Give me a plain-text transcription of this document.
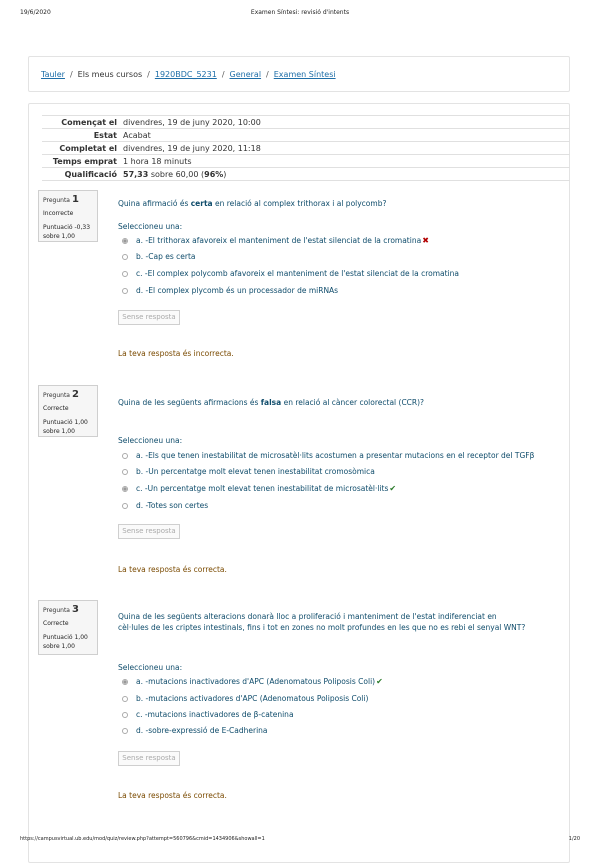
19/6/2020	Examen Síntesi: revisió d'intents
Tauler / Els meus cursos / 1920BDC_5231 / General / Examen Síntesi
Començat el	divendres, 19 de juny 2020, 10:00
Estat	Acabat
Completat el	divendres, 19 de juny 2020, 11:18
Temps emprat	1 hora 18 minuts
Qualificació	57,33 sobre 60,00 (96%)
Pregunta 1
Incorrecte
Puntuació -0,33
sobre 1,00
Quina afirmació és certa en relació al complex trithorax i al polycomb?
Seleccioneu una:
a. -El trithorax afavoreix el manteniment de l'estat silenciat de la cromatina ✖
b. -Cap es certa
c. -El complex polycomb afavoreix el manteniment de l'estat silenciat de la cromatina
d. -El complex plycomb és un processador de miRNAs
Sense resposta
La teva resposta és incorrecta.
Pregunta 2
Correcte
Puntuació 1,00
sobre 1,00
Quina de les següents afirmacions és falsa en relació al càncer colorectal (CCR)?
Seleccioneu una:
a. -Els que tenen inestabilitat de microsatèl·lits acostumen a presentar mutacions en el receptor del TGFβ
b. -Un percentatge molt elevat tenen inestabilitat cromosòmica
c. -Un percentatge molt elevat tenen inestabilitat de microsatèl·lits ✔
d. -Totes son certes
Sense resposta
La teva resposta és correcta.
Pregunta 3
Correcte
Puntuació 1,00
sobre 1,00
Quina de les següents alteracions donarà lloc a proliferació i manteniment de l'estat indiferenciat en cèl·lules de les criptes intestinals, fins i tot en zones no molt profundes en les que no es rebi el senyal WNT?
Seleccioneu una:
a. -mutacions inactivadores d'APC (Adenomatous Poliposis Coli) ✔
b. -mutacions activadores d'APC (Adenomatous Poliposis Coli)
c. -mutacions inactivadores de β-catenina
d. -sobre-expressió de E-Cadherina
Sense resposta
La teva resposta és correcta.
https://campusvirtual.ub.edu/mod/quiz/review.php?attempt=560796&cmid=1434906&showall=1	1/20
